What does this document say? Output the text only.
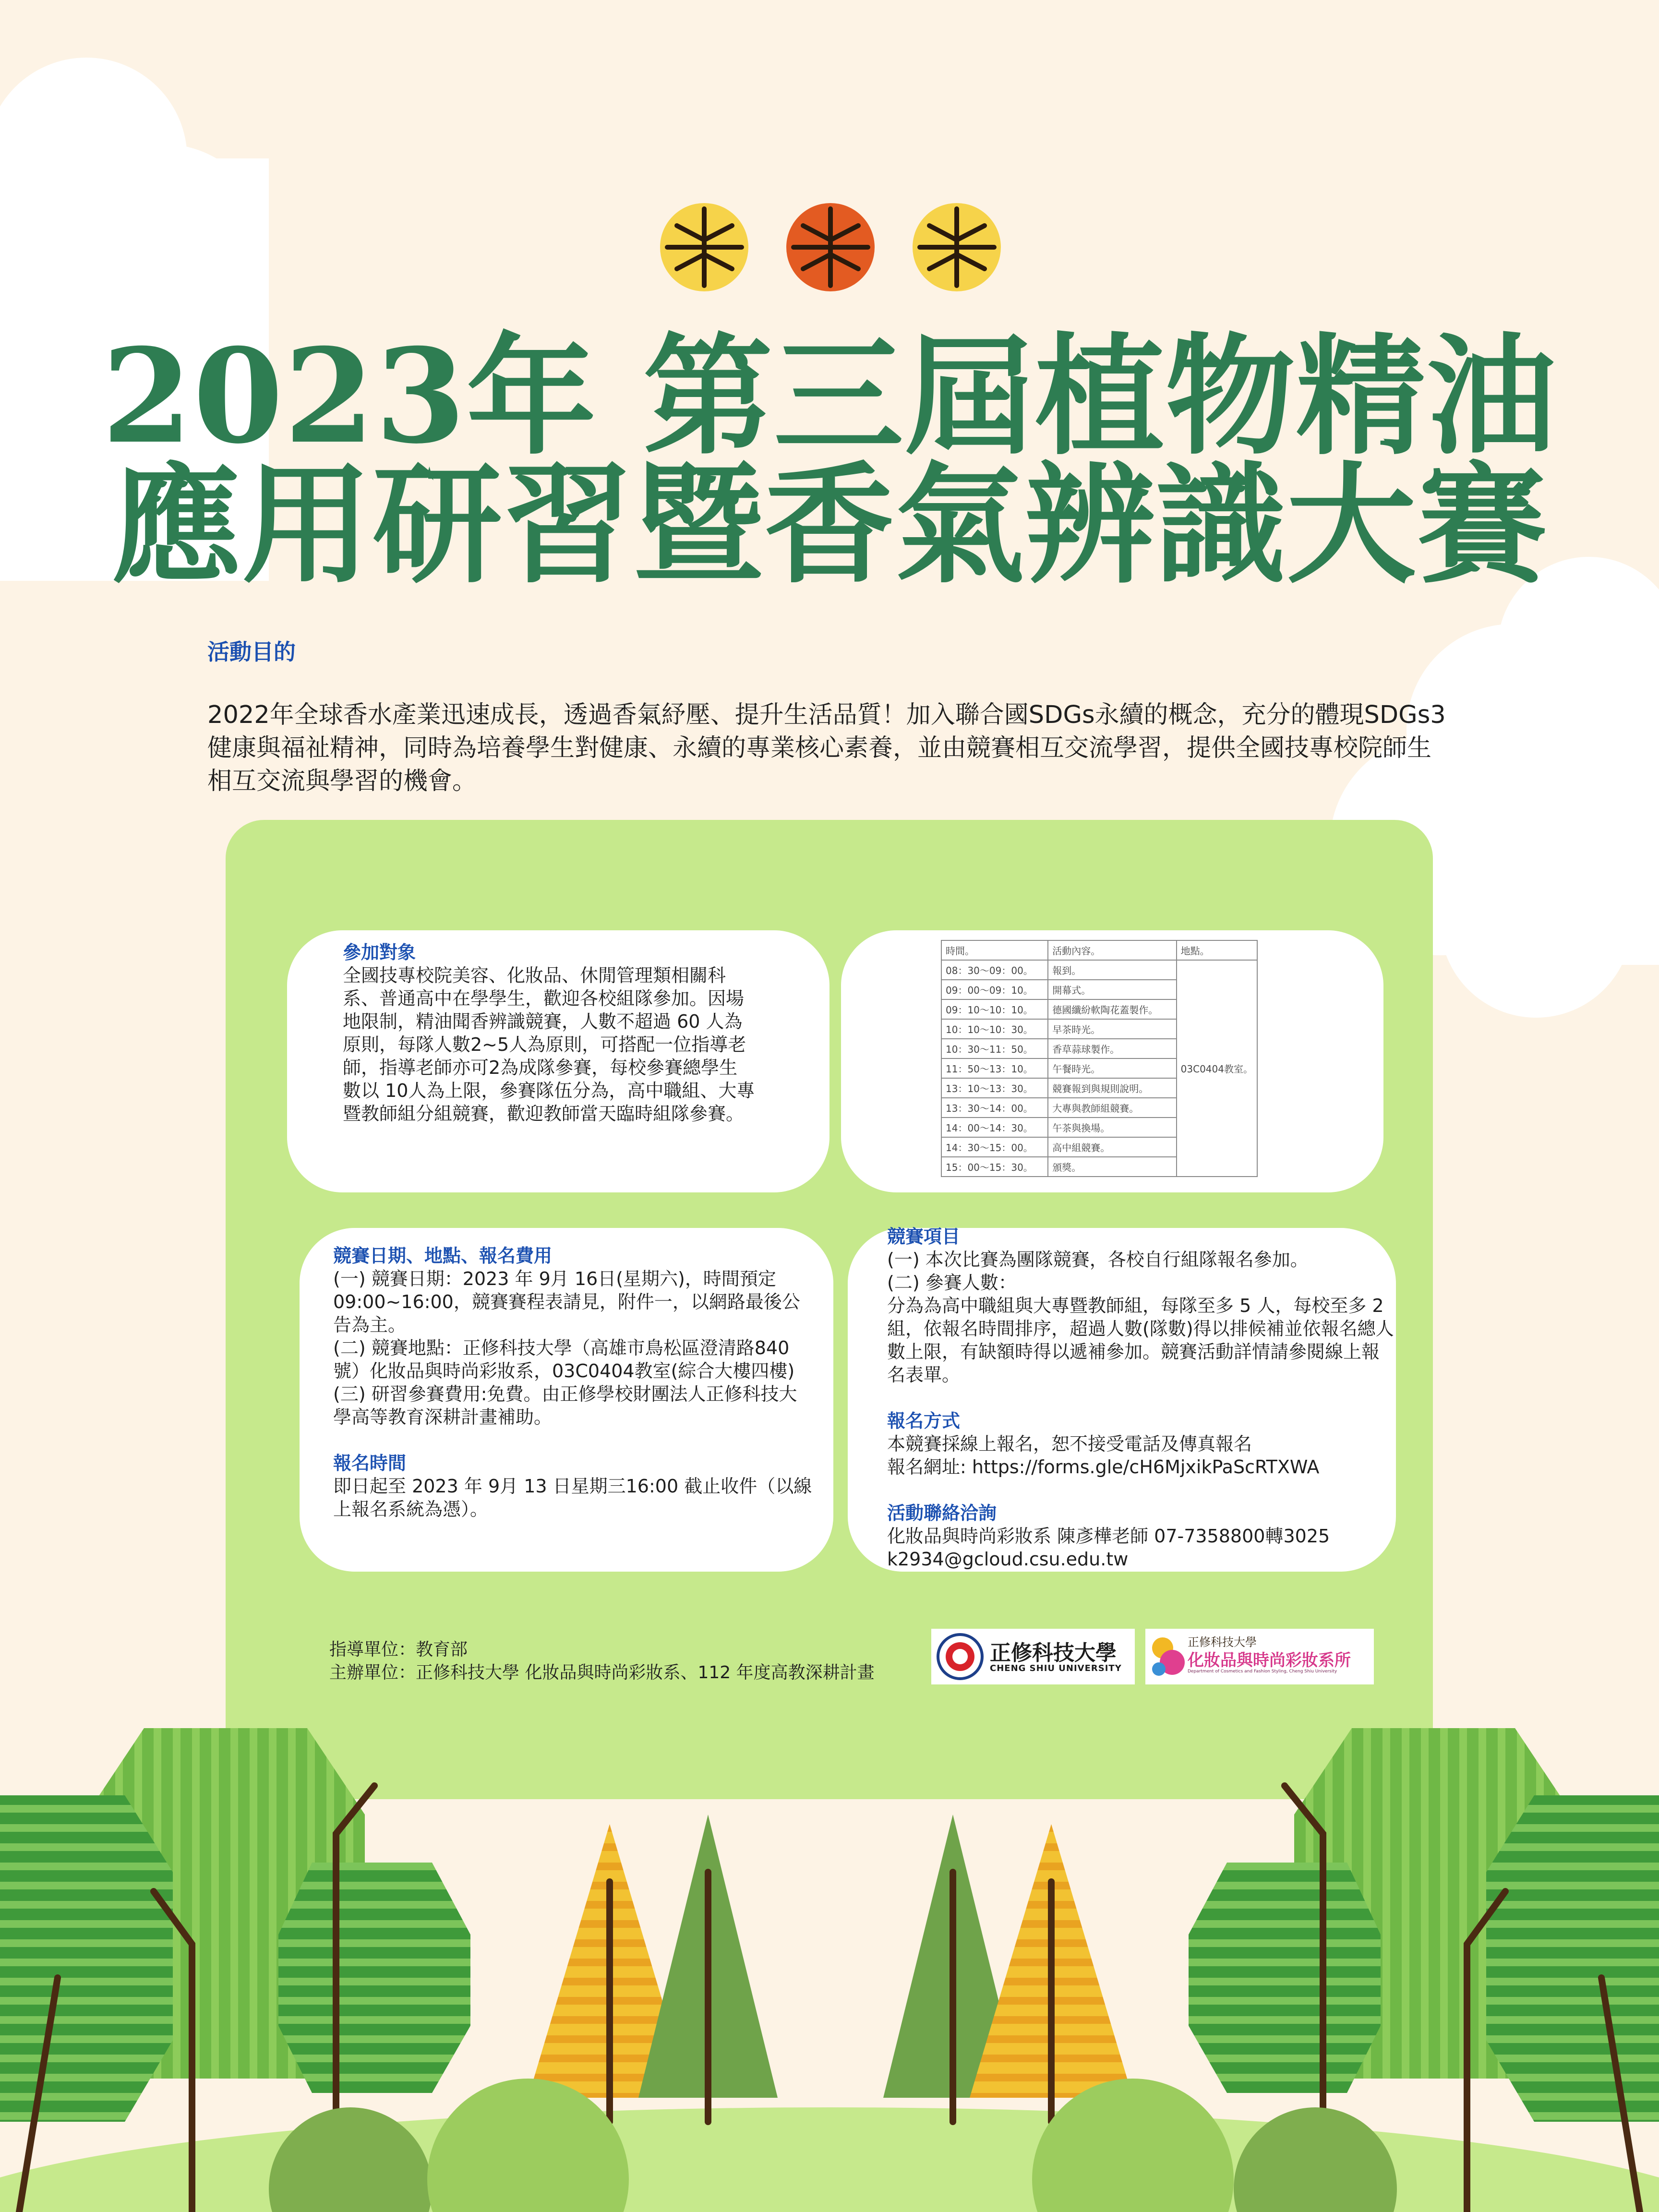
2023年 第三屆植物精油
應用研習暨香氣辨識大賽
活動目的
2022年全球香水產業迅速成長，透過香氣紓壓、提升生活品質！加入聯合國SDGs永續的概念，充分的體現SDGs3健康與福祉精神，同時為培養學生對健康、永續的專業核心素養，並由競賽相互交流學習，提供全國技專校院師生相互交流與學習的機會。
參加對象

全國技專校院美容、化妝品、休閒管理類相關科系、普通高中在學學生，歡迎各校組隊參加。因場地限制，精油聞香辨識競賽，人數不超過 60 人為原則，每隊人數2~5人為原則，可搭配一位指導老師，指導老師亦可2為成隊參賽，每校參賽總學生數以 10人為上限，參賽隊伍分為，高中職組、大專暨教師組分組競賽，歡迎教師當天臨時組隊參賽。

時間。	活動內容。	地點。
08：30～09：00。	報到。	03C0404教室。
09：00～09：10。	開幕式。	
09：10～10：10。	德國纖紛軟陶花蓋製作。	
10：10～10：30。	早茶時光。	
10：30～11：50。	香草蒜球製作。	
11：50～13：10。	午餐時光。	
13：10～13：30。	競賽報到與規則說明。	
13：30～14：00。	大專與教師組競賽。	
14：00～14：30。	午茶與換場。	
14：30～15：00。	高中組競賽。	
15：00～15：30。	頒獎。	
競賽日期、地點、報名費用

(一) 競賽日期：2023 年 9月 16日(星期六)，時間預定09:00~16:00，競賽賽程表請見，附件一，以網路最後公告為主。

(二) 競賽地點：正修科技大學（高雄市鳥松區澄清路840號）化妝品與時尚彩妝系，03C0404教室(綜合大樓四樓)

(三) 研習參賽費用:免費。由正修學校財團法人正修科技大學高等教育深耕計畫補助。

報名時間

即日起至 2023 年 9月 13 日星期三16:00 截止收件（以線上報名系統為憑）。

競賽項目

(一) 本次比賽為團隊競賽，各校自行組隊報名參加。

(二) 參賽人數：

分為為高中職組與大專暨教師組，每隊至多 5 人，每校至多 2 組，依報名時間排序，超過人數(隊數)得以排候補並依報名總人數上限，有缺額時得以遞補參加。競賽活動詳情請參閱線上報名表單。

報名方式

本競賽採線上報名，恕不接受電話及傳真報名

報名網址: https://forms.gle/cH6MjxikPaScRTXWA

活動聯絡洽詢

化妝品與時尚彩妝系 陳彥樺老師 07-7358800轉3025

k2934@gcloud.csu.edu.tw

指導單位：教育部
主辦單位：正修科技大學 化妝品與時尚彩妝系、112 年度高教深耕計畫
正修科技大學
CHENG SHIU UNIVERSITY
正修科技大學
化妝品與時尚彩妝系所
Department of Cosmetics and Fashion Styling, Cheng Shiu University
